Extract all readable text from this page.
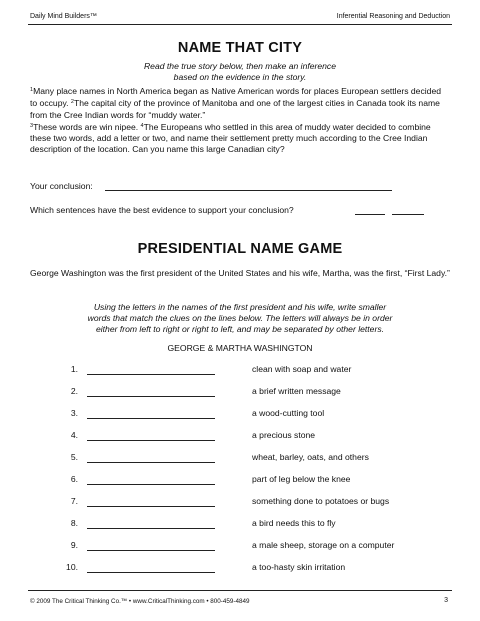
Daily Mind Builders™	Inferential Reasoning and Deduction
NAME THAT CITY
Read the true story below, then make an inference
based on the evidence in the story.
$^1$Many place names in North America began as Native American words for places European settlers decided to occupy. $^2$The capital city of the province of Manitoba and one of the largest cities in Canada took its name from the Cree Indian words for “muddy water.”
$^3$These words are win nipee. $^4$The Europeans who settled in this area of muddy water decided to combine these two words, add a letter or two, and name their settlement pretty much according to the Cree Indian description of the location. Can you name this large Canadian city?
Your conclusion:
Which sentences have the best evidence to support your conclusion?
PRESIDENTIAL NAME GAME
George Washington was the first president of the United States and his wife, Martha, was the first, “First Lady.”
Using the letters in the names of the first president and his wife, write smaller
words that match the clues on the lines below. The letters will always be in order
either from left to right or right to left, and may be separated by other letters.
GEORGE & MARTHA WASHINGTON
1.	clean with soap and water
2.	a brief written message
3.	a wood-cutting tool
4.	a precious stone
5.	wheat, barley, oats, and others
6.	part of leg below the knee
7.	something done to potatoes or bugs
8.	a bird needs this to fly
9.	a male sheep, storage on a computer
10.	a too-hasty skin irritation
© 2009 The Critical Thinking Co.™ • www.CriticalThinking.com • 800-459-4849	3
